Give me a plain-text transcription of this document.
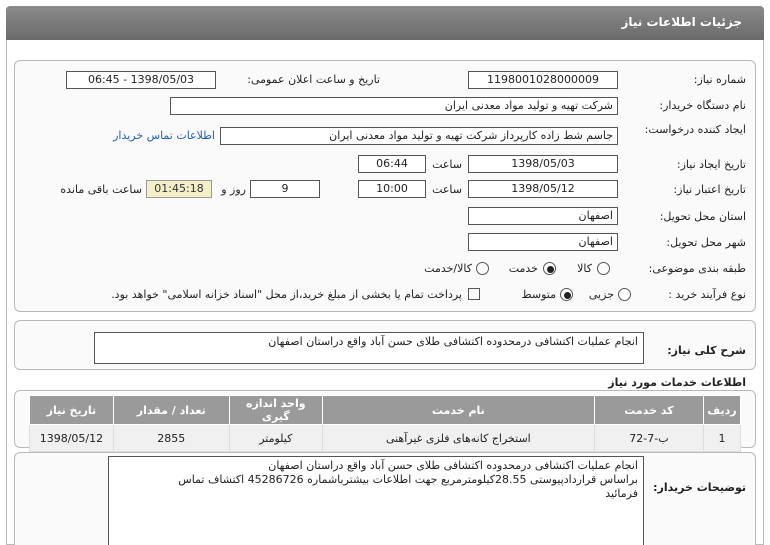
جزئیات اطلاعات نیاز
شماره نیاز:
1198001028000009
تاریخ و ساعت اعلان عمومی:
1398/05/03 - 06:45
نام دستگاه خریدار:
شرکت تهیه و تولید مواد معدنی ایران
ایجاد کننده درخواست:
جاسم شط زاده کارپرداز شرکت تهیه و تولید مواد معدنی ایران
اطلاعات تماس خریدار
تاریخ ایجاد نیاز:
1398/05/03
ساعت
06:44
تاریخ اعتبار نیاز:
1398/05/12
ساعت
10:00
9
روز و
01:45:18
ساعت باقی مانده
استان محل تحویل:
اصفهان
شهر محل تحویل:
اصفهان
طبقه بندی موضوعی:
کالا
خدمت
کالا/خدمت
نوع فرآیند خرید :
جزیی
متوسط
پرداخت تمام یا بخشی از مبلغ خرید،از محل "اسناد خزانه اسلامی" خواهد بود.
شرح کلی نیاز:
انجام عملیات اکتشافی درمحدوده اکتشافی طلای حسن آباد واقع دراستان اصفهان
اطلاعات خدمات مورد نیاز
تاریخ نیاز	تعداد / مقدار	واحد اندازه گیری	نام خدمت	کد خدمت	ردیف
1398/05/12	2855	کیلومتر	استخراج کانه‌های فلزی غیرآهنی	ب-7-72	1
توضیحات خریدار:
انجام عملیات اکتشافی درمحدوده اکتشافی طلای حسن آباد واقع دراستان اصفهان
براساس قراردادپیوستی 28.55کیلومترمربع جهت اطلاعات بیشترباشماره 45286726 اکتشاف تماس
فرمائید
